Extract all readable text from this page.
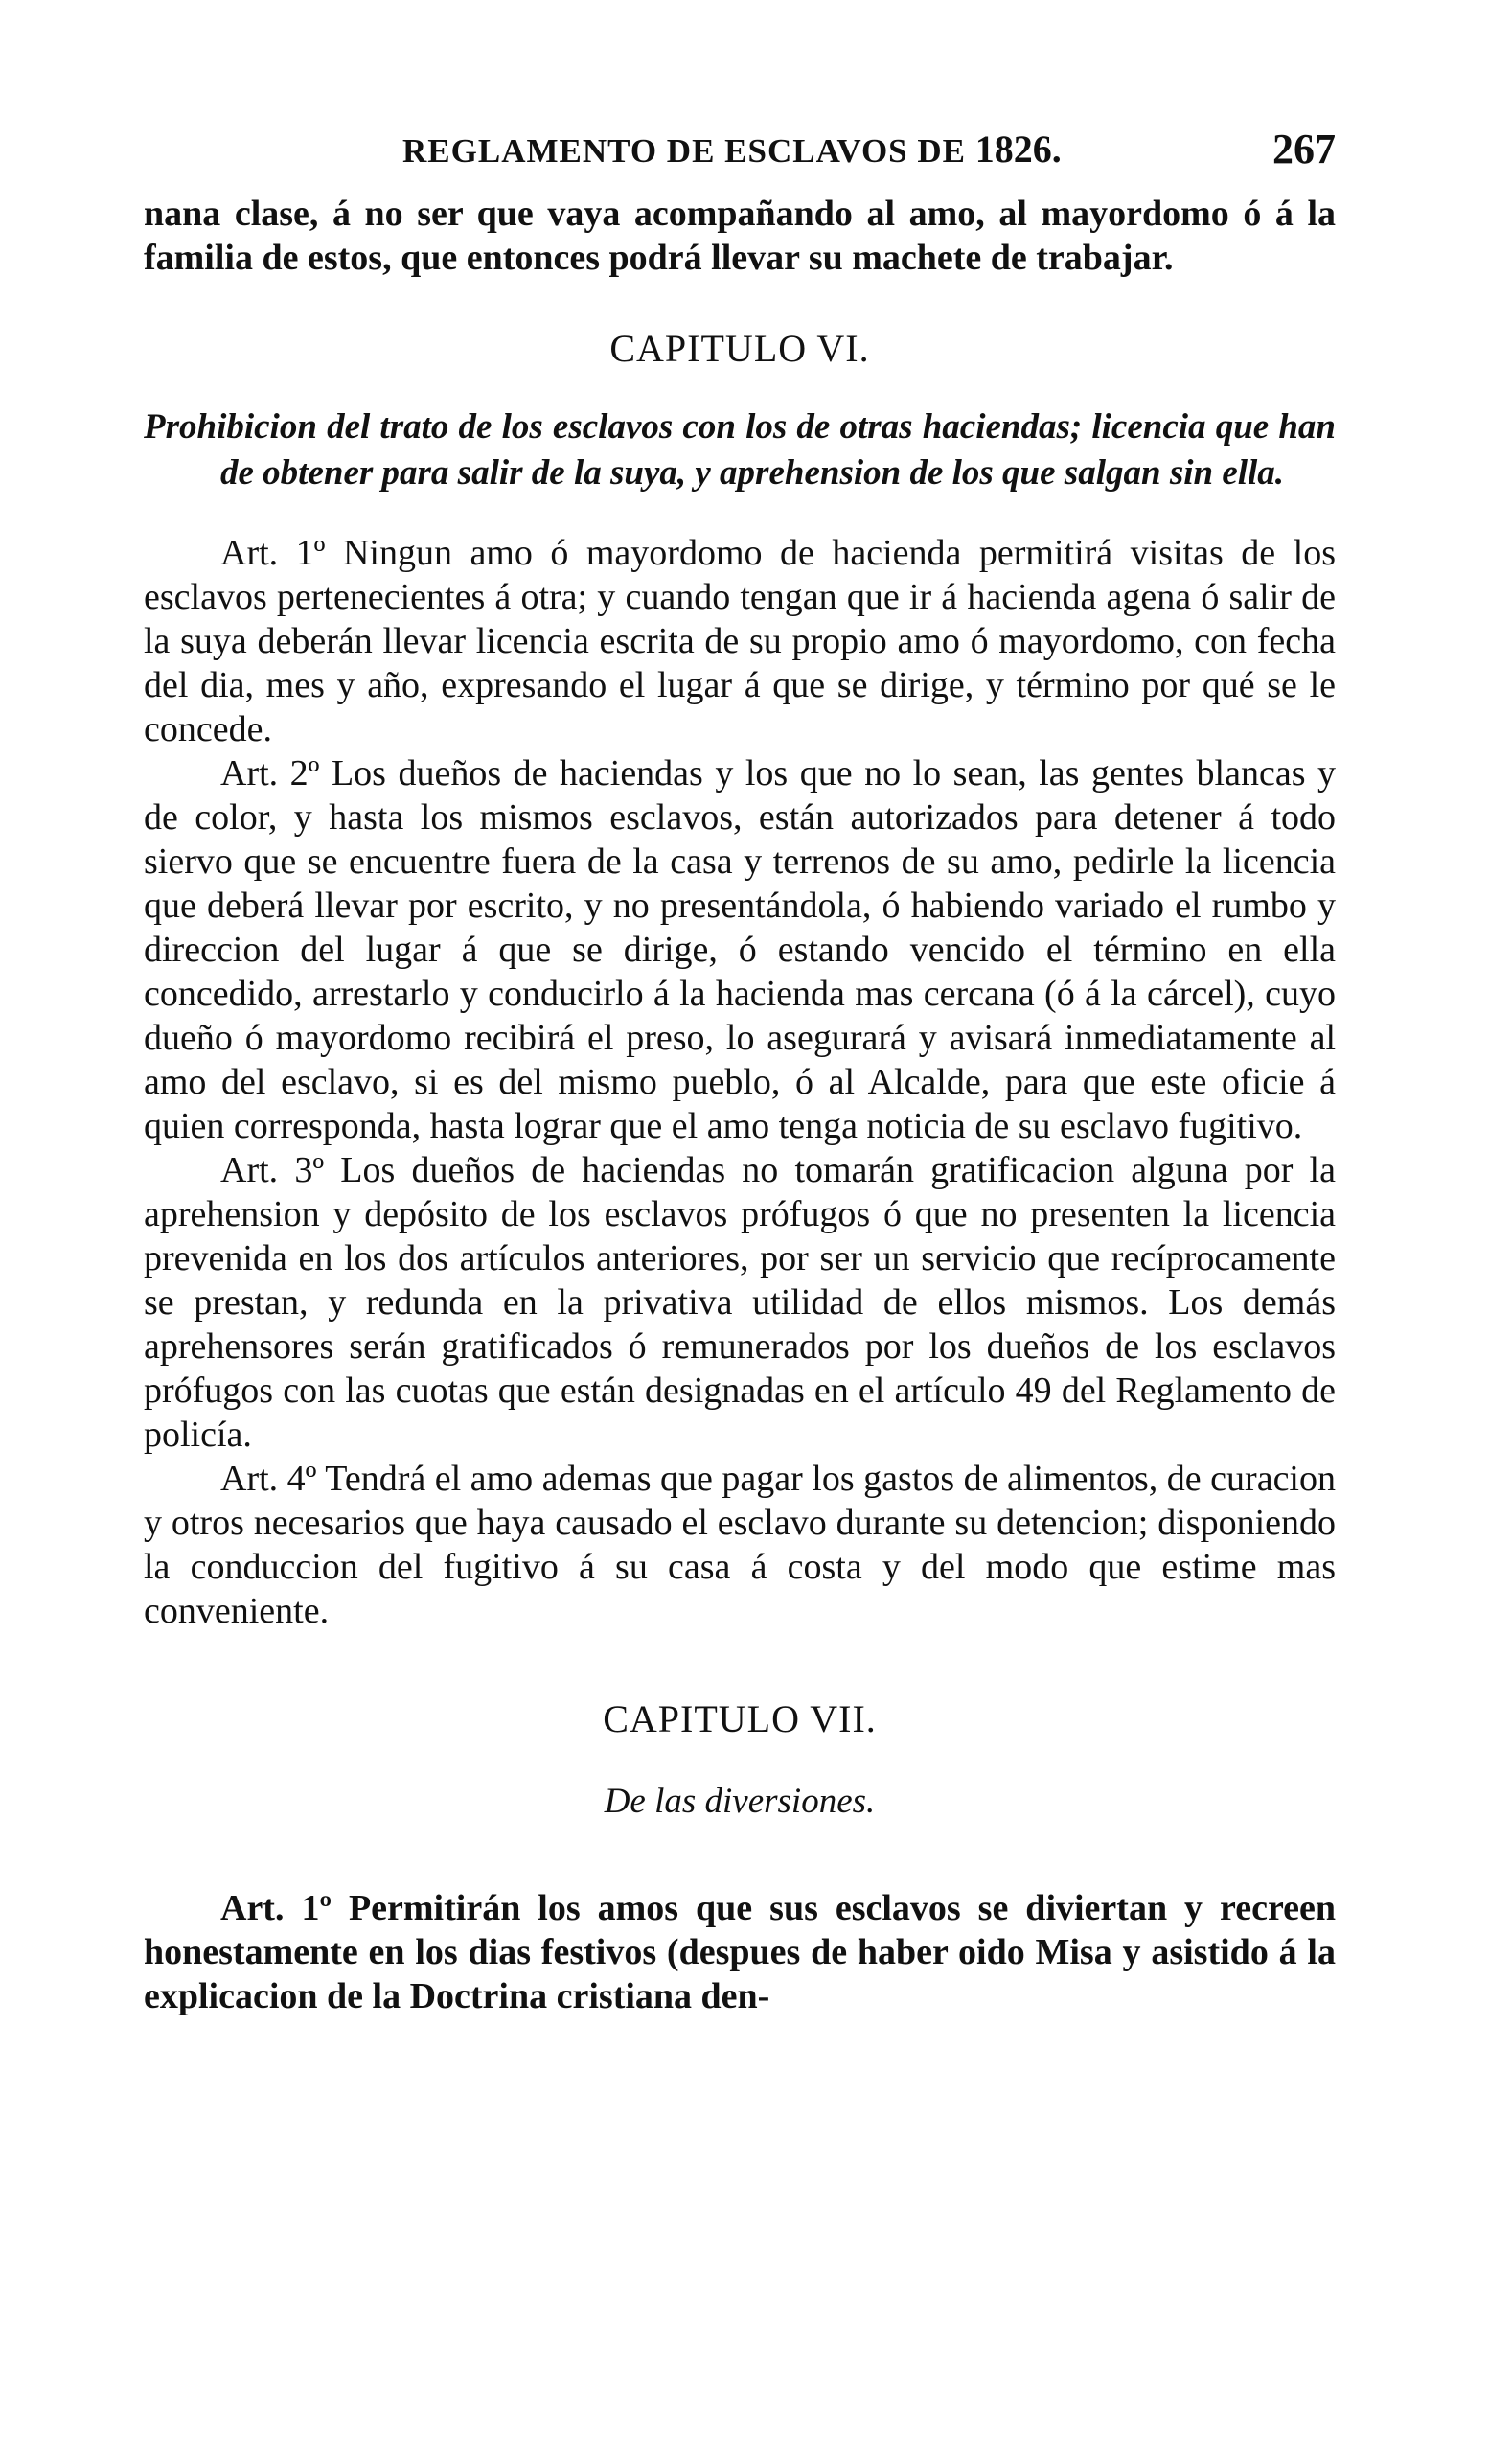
REGLAMENTO DE ESCLAVOS DE 1826.	267

nana clase, á no ser que vaya acompañando al amo, al mayordomo ó á la familia de estos, que entonces podrá llevar su machete de trabajar.

CAPITULO VI.
Prohibicion del trato de los esclavos con los de otras haciendas; licencia que han de obtener para salir de la suya, y aprehension de los que salgan sin ella.

Art. 1º Ningun amo ó mayordomo de hacienda permitirá visitas de los esclavos pertenecientes á otra; y cuando tengan que ir á hacienda agena ó salir de la suya deberán llevar licencia escrita de su propio amo ó mayordomo, con fecha del dia, mes y año, expresando el lugar á que se dirige, y término por qué se le concede.

Art. 2º Los dueños de haciendas y los que no lo sean, las gentes blancas y de color, y hasta los mismos esclavos, están autorizados para detener á todo siervo que se encuentre fuera de la casa y terrenos de su amo, pedirle la licencia que deberá llevar por escrito, y no presentándola, ó habiendo variado el rumbo y direccion del lugar á que se dirige, ó estando vencido el término en ella concedido, arrestarlo y conducirlo á la hacienda mas cercana (ó á la cárcel), cuyo dueño ó mayordomo recibirá el preso, lo asegurará y avisará inmediatamente al amo del esclavo, si es del mismo pueblo, ó al Alcalde, para que este oficie á quien corresponda, hasta lograr que el amo tenga noticia de su esclavo fugitivo.

Art. 3º Los dueños de haciendas no tomarán gratificacion alguna por la aprehension y depósito de los esclavos prófugos ó que no presenten la licencia prevenida en los dos artículos anteriores, por ser un servicio que recíprocamente se prestan, y redunda en la privativa utilidad de ellos mismos. Los demás aprehensores serán gratificados ó remunerados por los dueños de los esclavos prófugos con las cuotas que están designadas en el artículo 49 del Reglamento de policía.

Art. 4º Tendrá el amo ademas que pagar los gastos de alimentos, de curacion y otros necesarios que haya causado el esclavo durante su detencion; disponiendo la conduccion del fugitivo á su casa á costa y del modo que estime mas conveniente.

CAPITULO VII.
De las diversiones.

Art. 1º Permitirán los amos que sus esclavos se diviertan y recreen honestamente en los dias festivos (despues de haber oido Misa y asistido á la explicacion de la Doctrina cristiana den-
